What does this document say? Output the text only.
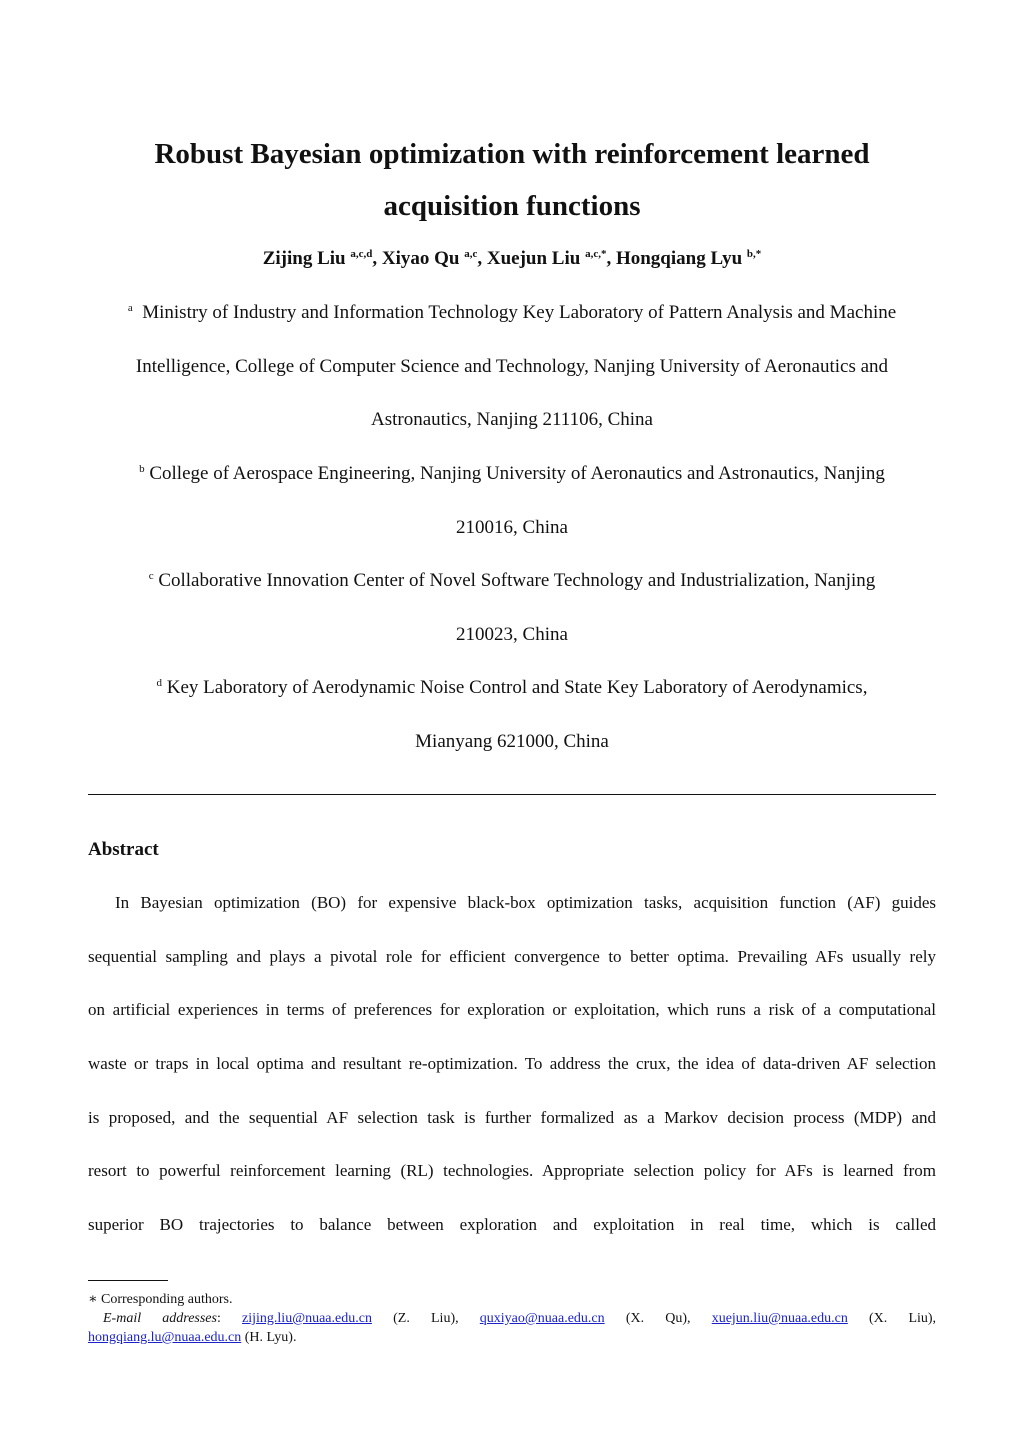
Robust Bayesian optimization with reinforcement learned
acquisition functions
Zijing Liu $^{a,c,d}$, Xiyao Qu $^{a,c}$, Xuejun Liu $^{a,c,*}$, Hongqiang Lyu $^{b,*}$
$^a$ Ministry of Industry and Information Technology Key Laboratory of Pattern Analysis and Machine
Intelligence, College of Computer Science and Technology, Nanjing University of Aeronautics and
Astronautics, Nanjing 211106, China
$^b$ College of Aerospace Engineering, Nanjing University of Aeronautics and Astronautics, Nanjing
210016, China
$^c$ Collaborative Innovation Center of Novel Software Technology and Industrialization, Nanjing
210023, China
$^d$ Key Laboratory of Aerodynamic Noise Control and State Key Laboratory of Aerodynamics,
Mianyang 621000, China
Abstract
In Bayesian optimization (BO) for expensive black-box optimization tasks, acquisition function (AF) guides
sequential sampling and plays a pivotal role for efficient convergence to better optima. Prevailing AFs usually rely
on artificial experiences in terms of preferences for exploration or exploitation, which runs a risk of a computational
waste or traps in local optima and resultant re-optimization. To address the crux, the idea of data-driven AF selection
is proposed, and the sequential AF selection task is further formalized as a Markov decision process (MDP) and
resort to powerful reinforcement learning (RL) technologies. Appropriate selection policy for AFs is learned from
superior BO trajectories to balance between exploration and exploitation in real time, which is called
∗ Corresponding authors.
E-mail addresses: zijing.liu@nuaa.edu.cn (Z. Liu), quxiyao@nuaa.edu.cn (X. Qu), xuejun.liu@nuaa.edu.cn (X. Liu),
hongqiang.lu@nuaa.edu.cn (H. Lyu).
